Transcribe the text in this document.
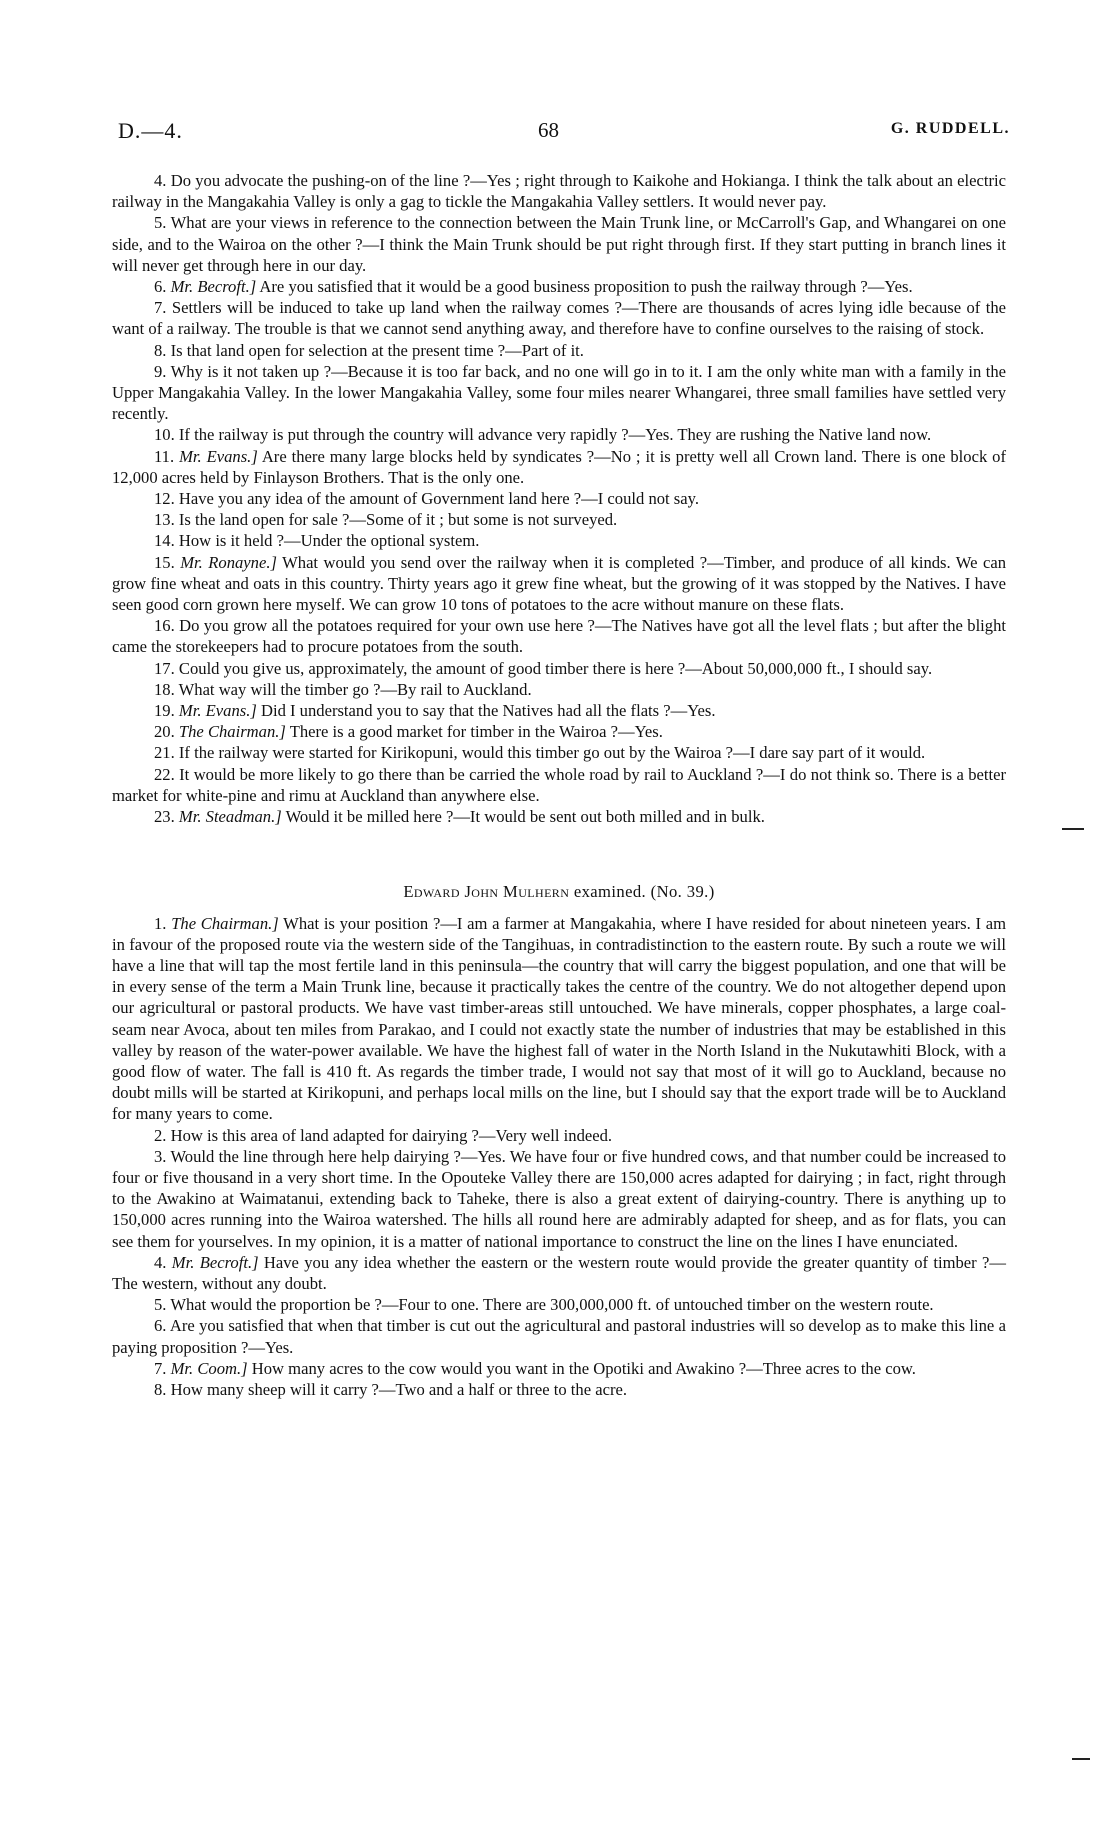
D.—4.	68	G. RUDDELL.

4. Do you advocate the pushing-on of the line ?—Yes ; right through to Kaikohe and Hokianga. I think the talk about an electric railway in the Mangakahia Valley is only a gag to tickle the Mangakahia Valley settlers. It would never pay.

5. What are your views in reference to the connection between the Main Trunk line, or McCarroll's Gap, and Whangarei on one side, and to the Wairoa on the other ?—I think the Main Trunk should be put right through first. If they start putting in branch lines it will never get through here in our day.

6. Mr. Becroft.] Are you satisfied that it would be a good business proposition to push the railway through ?—Yes.

7. Settlers will be induced to take up land when the railway comes ?—There are thousands of acres lying idle because of the want of a railway. The trouble is that we cannot send anything away, and therefore have to confine ourselves to the raising of stock.

8. Is that land open for selection at the present time ?—Part of it.

9. Why is it not taken up ?—Because it is too far back, and no one will go in to it. I am the only white man with a family in the Upper Mangakahia Valley. In the lower Mangakahia Valley, some four miles nearer Whangarei, three small families have settled very recently.

10. If the railway is put through the country will advance very rapidly ?—Yes. They are rushing the Native land now.

11. Mr. Evans.] Are there many large blocks held by syndicates ?—No ; it is pretty well all Crown land. There is one block of 12,000 acres held by Finlayson Brothers. That is the only one.

12. Have you any idea of the amount of Government land here ?—I could not say.

13. Is the land open for sale ?—Some of it ; but some is not surveyed.

14. How is it held ?—Under the optional system.

15. Mr. Ronayne.] What would you send over the railway when it is completed ?—Timber, and produce of all kinds. We can grow fine wheat and oats in this country. Thirty years ago it grew fine wheat, but the growing of it was stopped by the Natives. I have seen good corn grown here myself. We can grow 10 tons of potatoes to the acre without manure on these flats.

16. Do you grow all the potatoes required for your own use here ?—The Natives have got all the level flats ; but after the blight came the storekeepers had to procure potatoes from the south.

17. Could you give us, approximately, the amount of good timber there is here ?—About 50,000,000 ft., I should say.

18. What way will the timber go ?—By rail to Auckland.

19. Mr. Evans.] Did I understand you to say that the Natives had all the flats ?—Yes.

20. The Chairman.] There is a good market for timber in the Wairoa ?—Yes.

21. If the railway were started for Kirikopuni, would this timber go out by the Wairoa ?—I dare say part of it would.

22. It would be more likely to go there than be carried the whole road by rail to Auckland ?—I do not think so. There is a better market for white-pine and rimu at Auckland than anywhere else.

23. Mr. Steadman.] Would it be milled here ?—It would be sent out both milled and in bulk.

Edward John Mulhern examined. (No. 39.)

1. The Chairman.] What is your position ?—I am a farmer at Mangakahia, where I have resided for about nineteen years. I am in favour of the proposed route via the western side of the Tangihuas, in contradistinction to the eastern route. By such a route we will have a line that will tap the most fertile land in this peninsula—the country that will carry the biggest population, and one that will be in every sense of the term a Main Trunk line, because it practically takes the centre of the country. We do not altogether depend upon our agricultural or pastoral products. We have vast timber-areas still untouched. We have minerals, copper phosphates, a large coal-seam near Avoca, about ten miles from Parakao, and I could not exactly state the number of industries that may be established in this valley by reason of the water-power available. We have the highest fall of water in the North Island in the Nukutawhiti Block, with a good flow of water. The fall is 410 ft. As regards the timber trade, I would not say that most of it will go to Auckland, because no doubt mills will be started at Kirikopuni, and perhaps local mills on the line, but I should say that the export trade will be to Auckland for many years to come.

2. How is this area of land adapted for dairying ?—Very well indeed.

3. Would the line through here help dairying ?—Yes. We have four or five hundred cows, and that number could be increased to four or five thousand in a very short time. In the Opouteke Valley there are 150,000 acres adapted for dairying ; in fact, right through to the Awakino at Waimatanui, extending back to Taheke, there is also a great extent of dairying-country. There is anything up to 150,000 acres running into the Wairoa watershed. The hills all round here are admirably adapted for sheep, and as for flats, you can see them for yourselves. In my opinion, it is a matter of national importance to construct the line on the lines I have enunciated.

4. Mr. Becroft.] Have you any idea whether the eastern or the western route would provide the greater quantity of timber ?—The western, without any doubt.

5. What would the proportion be ?—Four to one. There are 300,000,000 ft. of untouched timber on the western route.

6. Are you satisfied that when that timber is cut out the agricultural and pastoral industries will so develop as to make this line a paying proposition ?—Yes.

7. Mr. Coom.] How many acres to the cow would you want in the Opotiki and Awakino ?—Three acres to the cow.

8. How many sheep will it carry ?—Two and a half or three to the acre.
